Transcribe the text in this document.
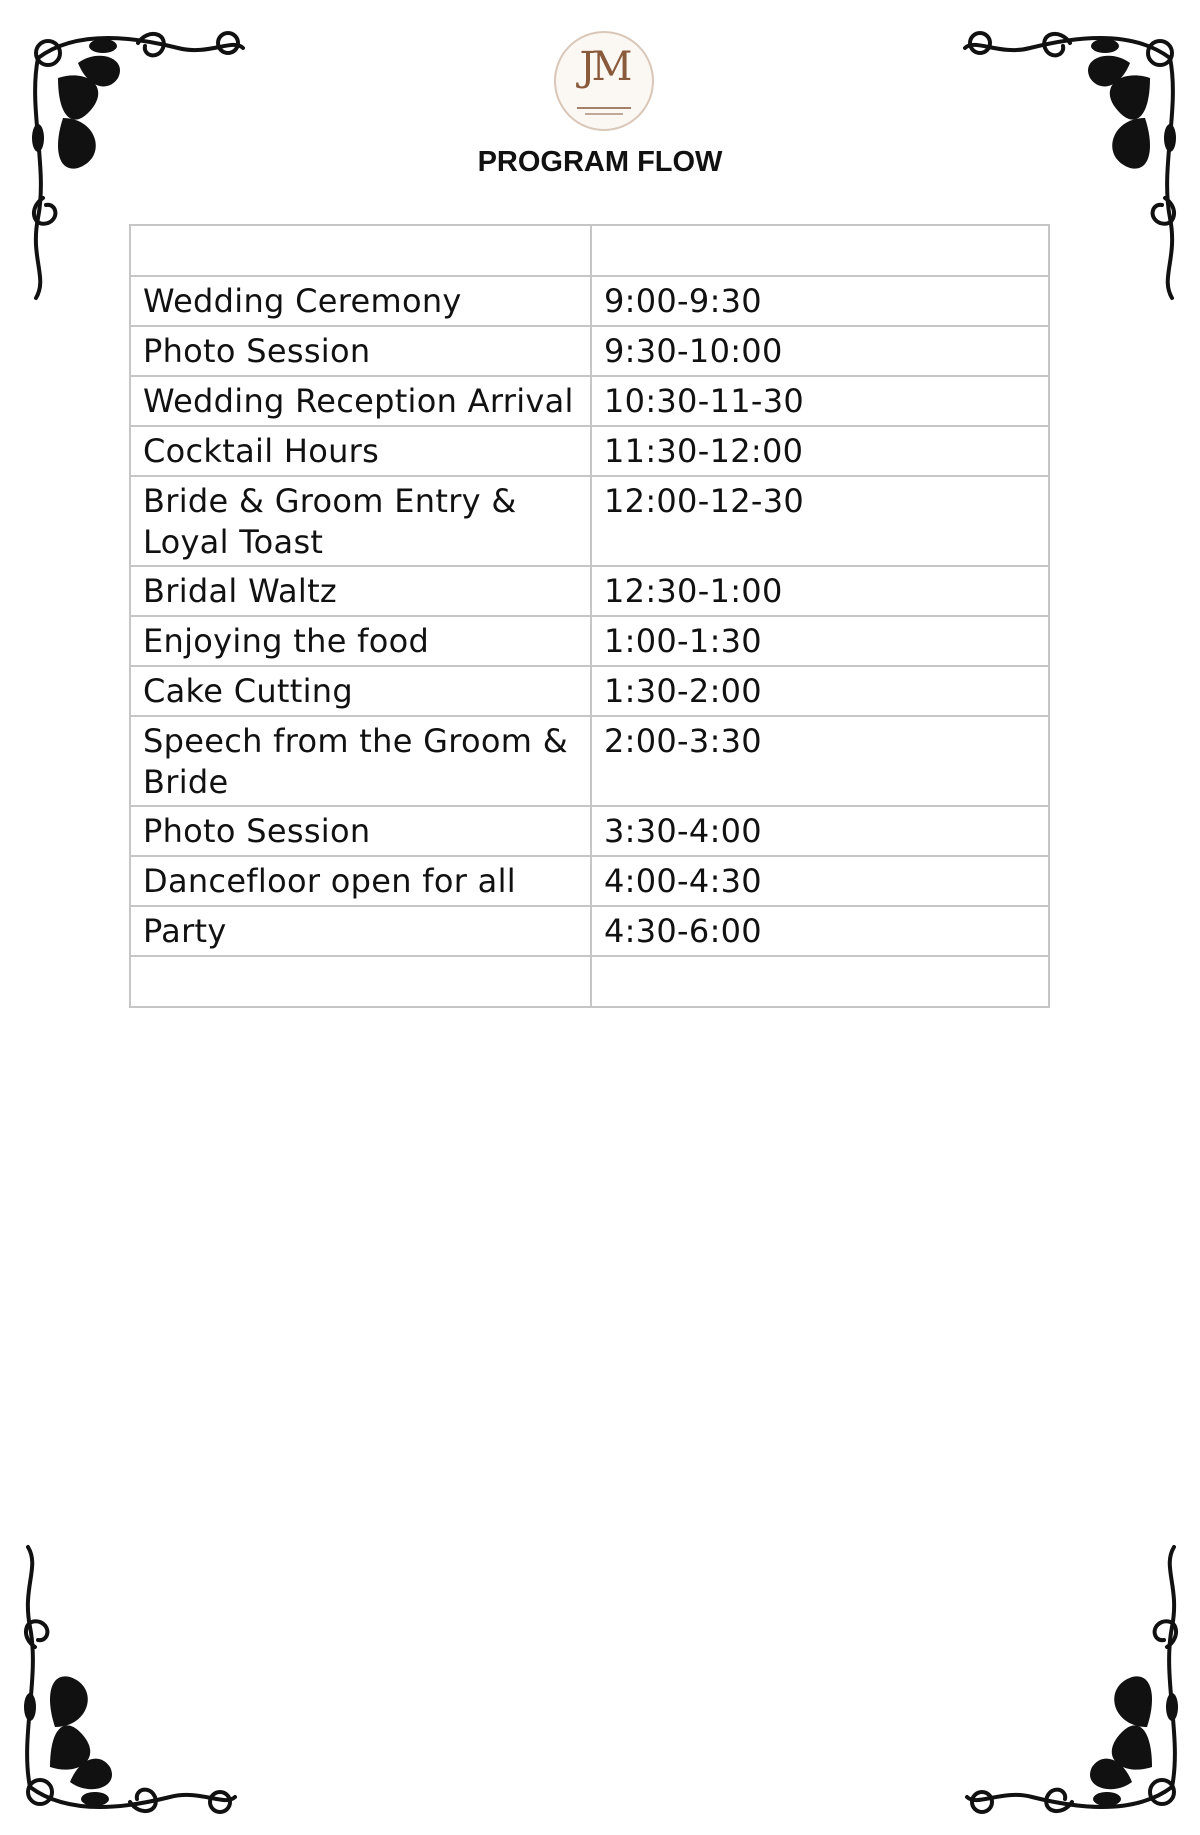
JM
PROGRAM FLOW

Wedding Ceremony	9:00-9:30
Photo Session	9:30-10:00
Wedding Reception Arrival	10:30-11-30
Cocktail Hours	11:30-12:00
Bride & Groom Entry & Loyal Toast	12:00-12-30
Bridal Waltz	12:30-1:00
Enjoying the food	1:00-1:30
Cake Cutting	1:30-2:00
Speech from the Groom & Bride	2:00-3:30
Photo Session	3:30-4:00
Dancefloor open for all	4:00-4:30
Party	4:30-6:00
